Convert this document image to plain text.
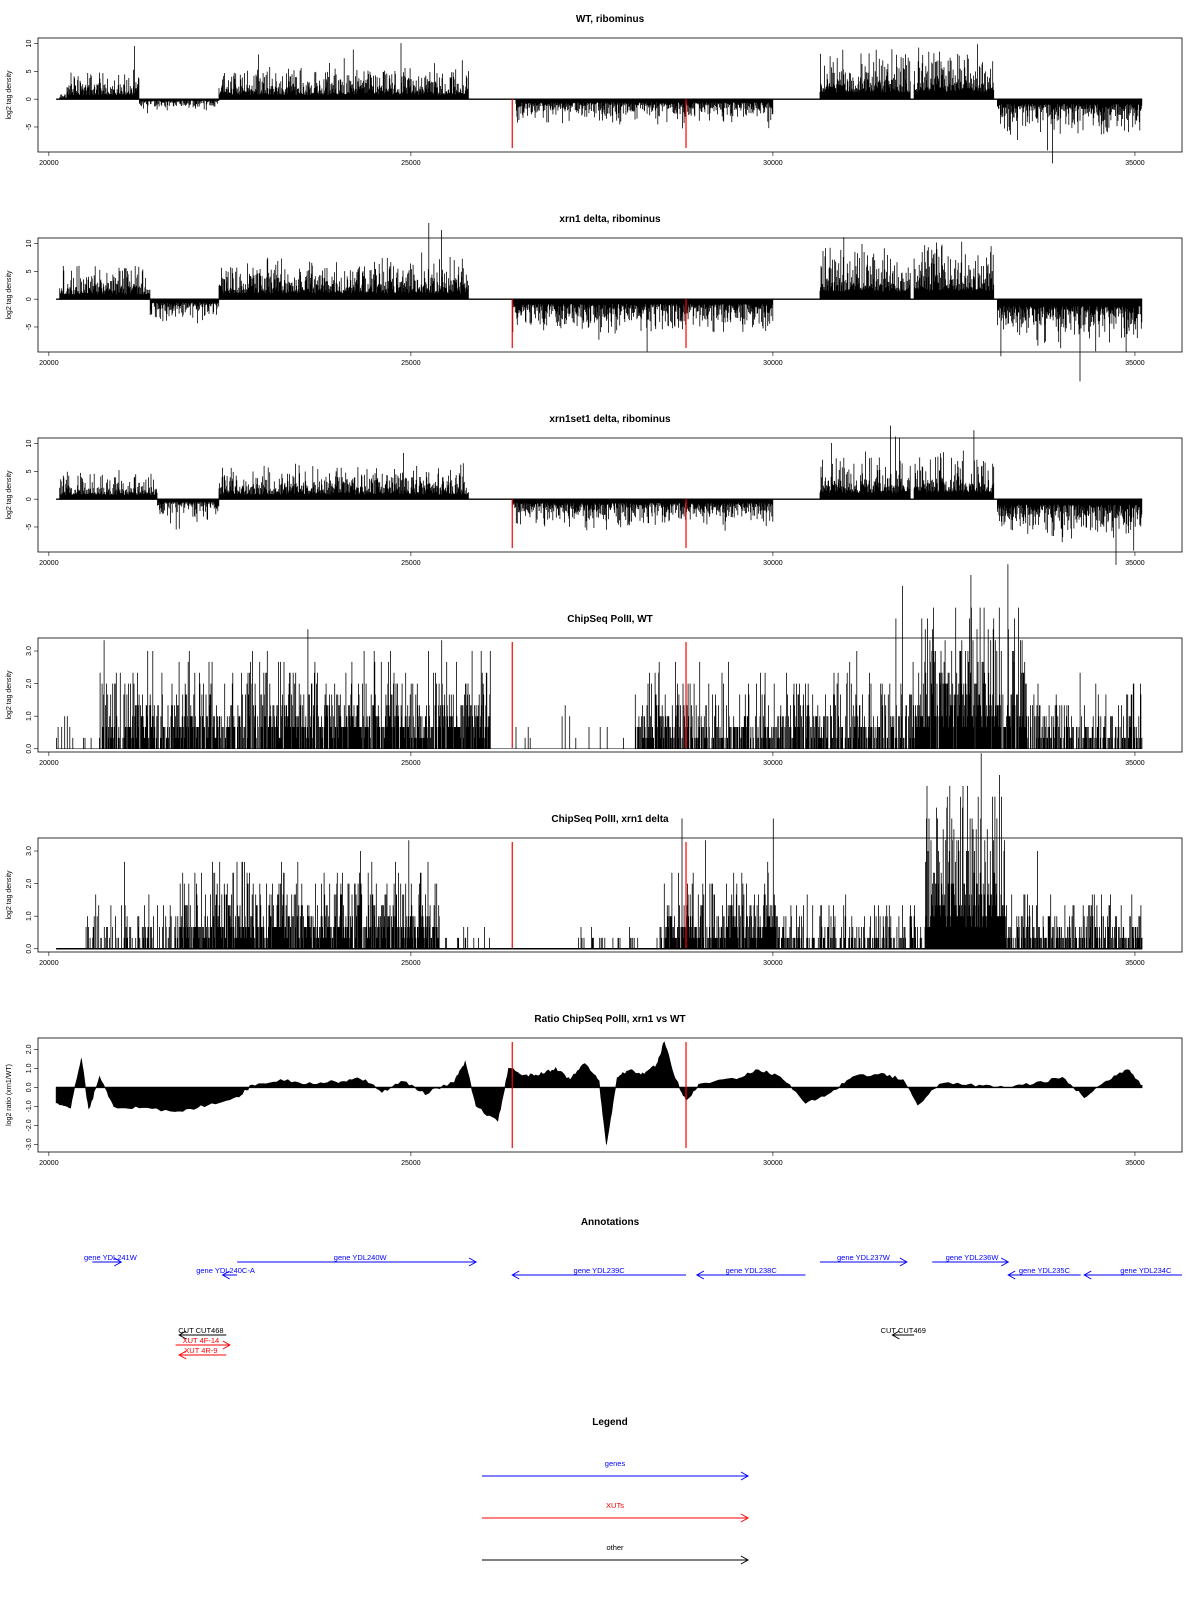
WT, ribominus
log2 tag density
-5
0
5
10
20000	25000	30000	35000
xrn1 delta, ribominus
log2 tag density
-5
0
5
10
20000	25000	30000	35000
xrn1set1 delta, ribominus
log2 tag density
-5
0
5
10
20000	25000	30000	35000
ChipSeq PolII, WT
log2 tag density
0.0
1.0
2.0
3.0
20000	25000	30000	35000
ChipSeq PolII, xrn1 delta
log2 tag density
0.0
1.0
2.0
3.0
20000	25000	30000	35000
Ratio ChipSeq PolII, xrn1 vs WT
log2 ratio (xrn1/WT)
-3.0
-2.0
-1.0
0.0
1.0
2.0
20000	25000	30000	35000
Annotations
gene YDL241W
gene YDL240C-A
gene YDL240W
gene YDL239C	gene YDL238C
gene YDL237W	gene YDL236W
gene YDL235C	gene YDL234C
CUT CUT468
XUT 4F-14
XUT 4R-9
CUT CUT469
Legend
genes
XUTs
other
